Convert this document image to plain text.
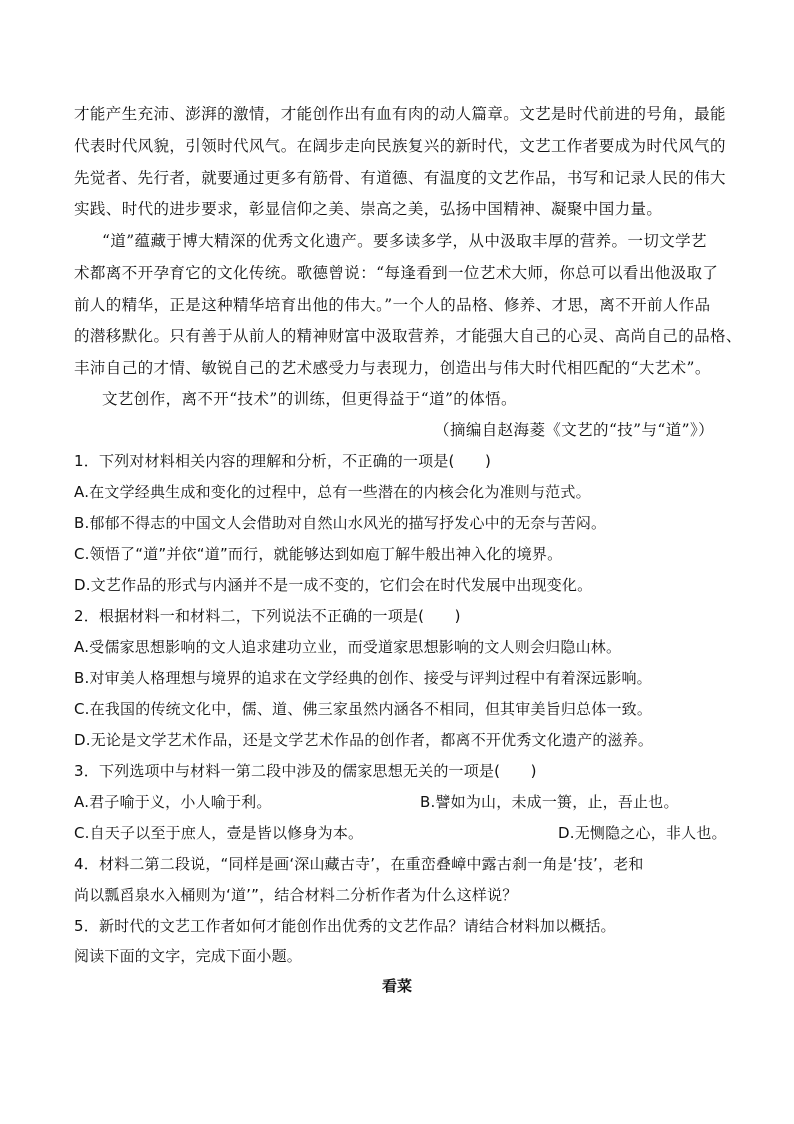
才能产生充沛、澎湃的激情，才能创作出有血有肉的动人篇章。文艺是时代前进的号角，最能
代表时代风貌，引领时代风气。在阔步走向民族复兴的新时代，文艺工作者要成为时代风气的
先觉者、先行者，就要通过更多有筋骨、有道德、有温度的文艺作品，书写和记录人民的伟大
实践、时代的进步要求，彰显信仰之美、崇高之美，弘扬中国精神、凝聚中国力量。
“道”蕴藏于博大精深的优秀文化遗产。要多读多学，从中汲取丰厚的营养。一切文学艺
术都离不开孕育它的文化传统。歌德曾说：“每逢看到一位艺术大师，你总可以看出他汲取了
前人的精华，正是这种精华培育出他的伟大。”一个人的品格、修养、才思，离不开前人作品
的潜移默化。只有善于从前人的精神财富中汲取营养，才能强大自己的心灵、高尚自己的品格、
丰沛自己的才情、敏锐自己的艺术感受力与表现力，创造出与伟大时代相匹配的“大艺术”。
文艺创作，离不开“技术”的训练，但更得益于“道”的体悟。
（摘编自赵海菱《文艺的“技”与“道”》）
1．下列对材料相关内容的理解和分析，不正确的一项是(　　)
A.在文学经典生成和变化的过程中，总有一些潜在的内核会化为准则与范式。
B.郁郁不得志的中国文人会借助对自然山水风光的描写抒发心中的无奈与苦闷。
C.领悟了“道”并依“道”而行，就能够达到如庖丁解牛般出神入化的境界。
D.文艺作品的形式与内涵并不是一成不变的，它们会在时代发展中出现变化。
2．根据材料一和材料二，下列说法不正确的一项是(　　)
A.受儒家思想影响的文人追求建功立业，而受道家思想影响的文人则会归隐山林。
B.对审美人格理想与境界的追求在文学经典的创作、接受与评判过程中有着深远影响。
C.在我国的传统文化中，儒、道、佛三家虽然内涵各不相同，但其审美旨归总体一致。
D.无论是文学艺术作品，还是文学艺术作品的创作者，都离不开优秀文化遗产的滋养。
3．下列选项中与材料一第二段中涉及的儒家思想无关的一项是(　　)
A.君子喻于义，小人喻于利。	B.譬如为山，未成一篑，止，吾止也。
C.自天子以至于庶人，壹是皆以修身为本。	D.无恻隐之心，非人也。
4．材料二第二段说，“同样是画‘深山藏古寺’，在重峦叠嶂中露古刹一角是‘技’，老和
尚以瓢舀泉水入桶则为‘道’”，结合材料二分析作者为什么这样说？
5．新时代的文艺工作者如何才能创作出优秀的文艺作品？请结合材料加以概括。
阅读下面的文字，完成下面小题。
看菜
